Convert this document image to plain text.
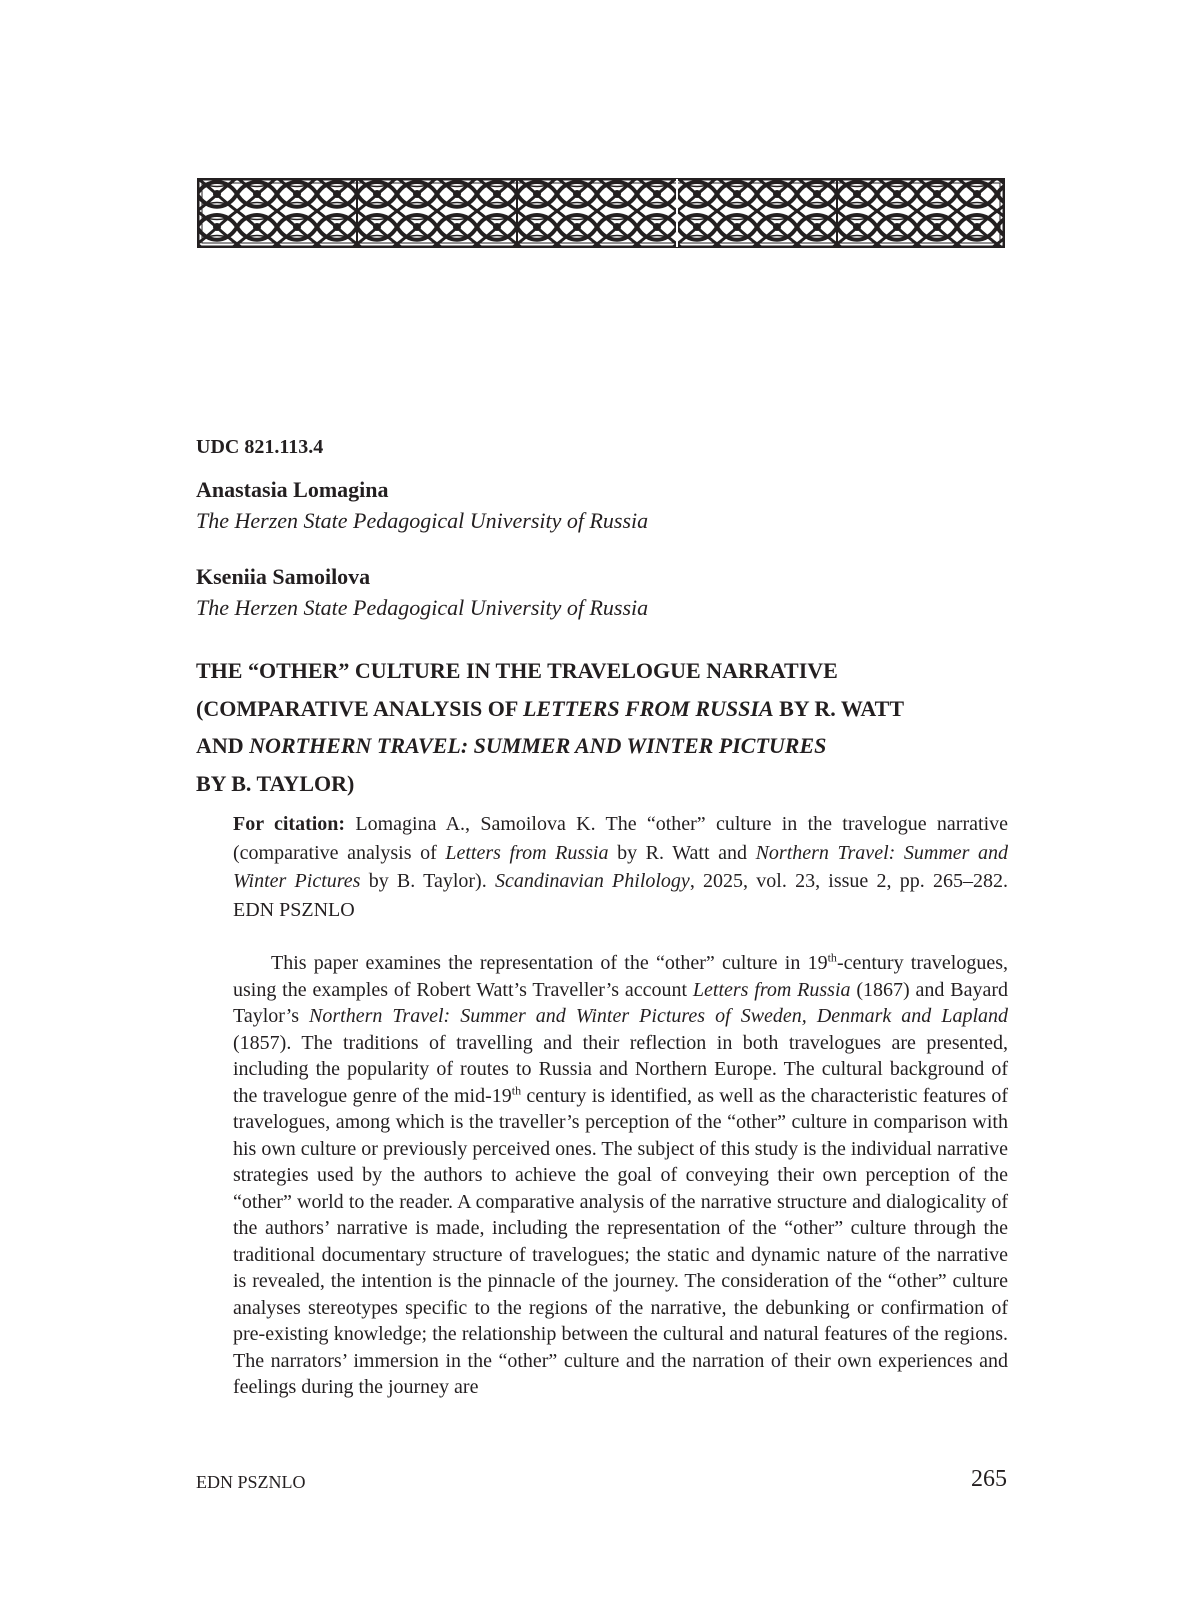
UDC 821.113.4
Anastasia Lomagina
The Herzen State Pedagogical University of Russia
Kseniia Samoilova
The Herzen State Pedagogical University of Russia
THE “OTHER” CULTURE IN THE TRAVELOGUE NARRATIVE
(COMPARATIVE ANALYSIS OF LETTERS FROM RUSSIA BY R. WATT
AND NORTHERN TRAVEL: SUMMER AND WINTER PICTURES
BY B. TAYLOR)
For citation: Lomagina A., Samoilova K. The “other” culture in the travelogue narrative (comparative analysis of Letters from Russia by R. Watt and Northern Travel: Summer and Winter Pictures by B. Taylor). Scandinavian Philology, 2025, vol. 23, issue 2, pp. 265–282. EDN PSZNLO

This paper examines the representation of the “other” culture in 19th-century travelogues, using the examples of Robert Watt’s Traveller’s account Letters from Russia (1867) and Bayard Taylor’s Northern Travel: Summer and Winter Pictures of Sweden, Denmark and Lapland (1857). The traditions of travelling and their reflection in both travelogues are presented, including the popularity of routes to Russia and Northern Europe. The cultural background of the travelogue genre of the mid-19th century is identified, as well as the characteristic features of travelogues, among which is the traveller’s perception of the “other” culture in comparison with his own culture or previously perceived ones. The subject of this study is the individual narrative strategies used by the authors to achieve the goal of conveying their own perception of the “other” world to the reader. A comparative analysis of the narrative structure and dialogicality of the authors’ narrative is made, including the representation of the “other” culture through the traditional documentary structure of travelogues; the static and dynamic nature of the narrative is revealed, the intention is the pinnacle of the journey. The consideration of the “other” culture analyses stereotypes specific to the regions of the narrative, the debunking or confirmation of pre-existing knowledge; the relationship between the cultural and natural features of the regions. The narrators’ immersion in the “other” culture and the narration of their own experiences and feelings during the journey are

EDN PSZNLO	265
